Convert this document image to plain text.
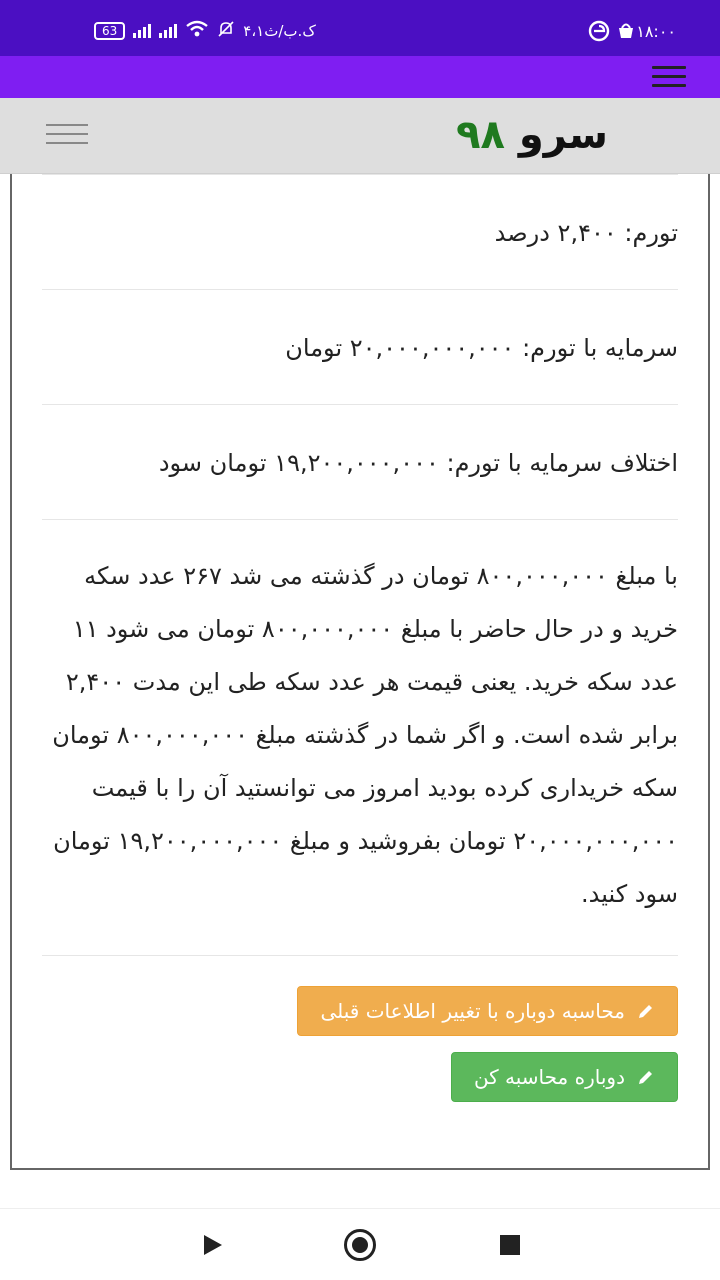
63	۴،۱ک.ب/ث	۱۸:۰۰
سرو ۹۸
تورم: ۲,۴۰۰ درصد
سرمایه با تورم: ۲۰,۰۰۰,۰۰۰,۰۰۰ تومان
اختلاف سرمایه با تورم: ۱۹,۲۰۰,۰۰۰,۰۰۰ تومان سود
با مبلغ ۸۰۰,۰۰۰,۰۰۰ تومان در گذشته می شد ۲۶۷ عدد سکه خرید و در حال حاضر با مبلغ ۸۰۰,۰۰۰,۰۰۰ تومان می شود ۱۱ عدد سکه خرید. یعنی قیمت هر عدد سکه طی این مدت ۲,۴۰۰ برابر شده است. و اگر شما در گذشته مبلغ ۸۰۰,۰۰۰,۰۰۰ تومان سکه خریداری کرده بودید امروز می توانستید آن را با قیمت ۲۰,۰۰۰,۰۰۰,۰۰۰ تومان بفروشید و مبلغ ۱۹,۲۰۰,۰۰۰,۰۰۰ تومان سود کنید.
محاسبه دوباره با تغییر اطلاعات قبلی
دوباره محاسبه کن
